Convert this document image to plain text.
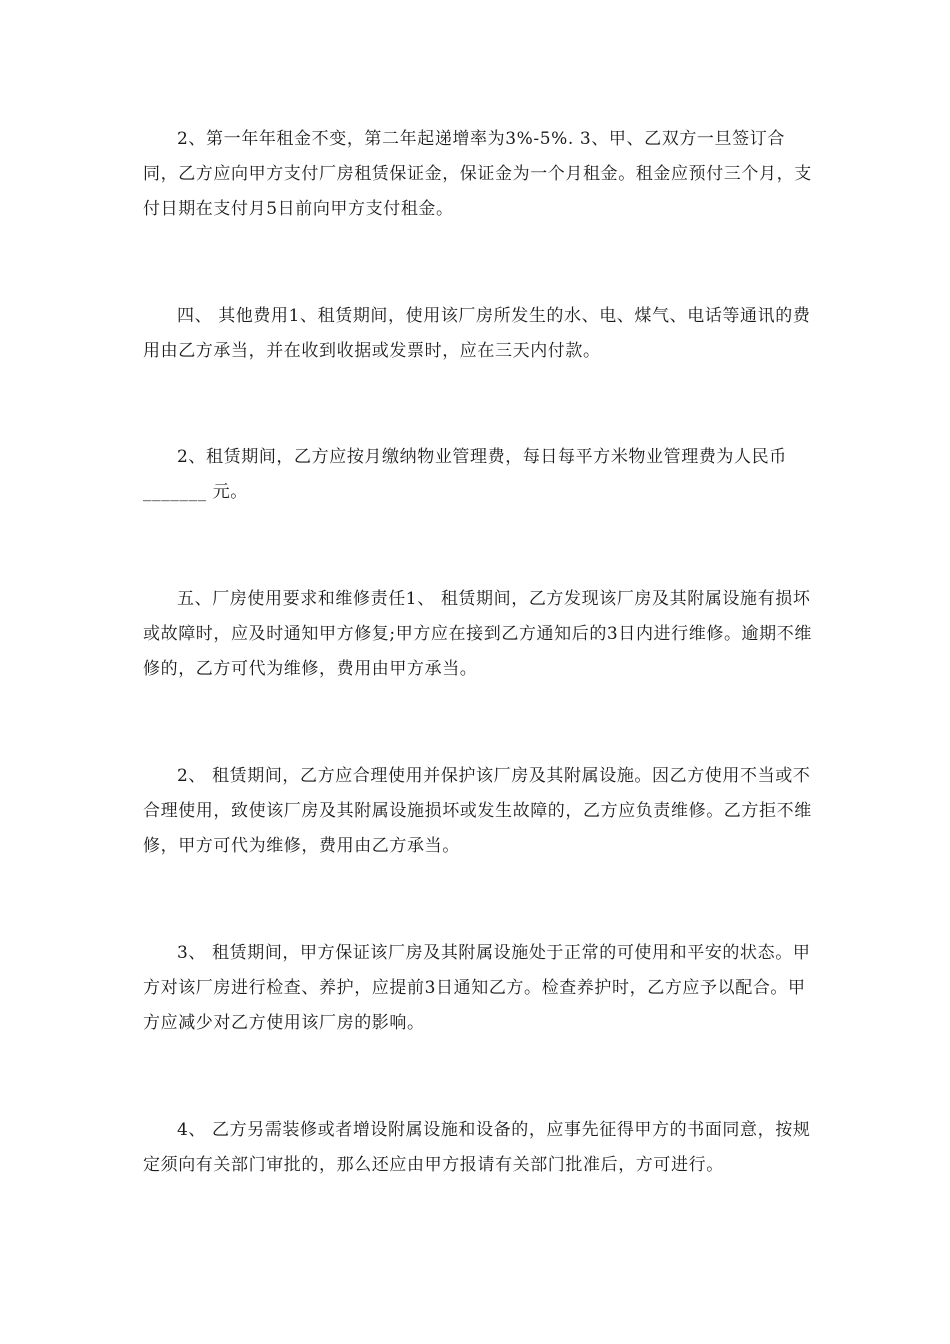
2、第一年年租金不变，第二年起递增率为3%-5%. 3、甲、乙双方一旦签订合同，乙方应向甲方支付厂房租赁保证金，保证金为一个月租金。租金应预付三个月，支付日期在支付月5日前向甲方支付租金。

四、 其他费用1、租赁期间，使用该厂房所发生的水、电、煤气、电话等通讯的费用由乙方承当，并在收到收据或发票时，应在三天内付款。

2、租赁期间，乙方应按月缴纳物业管理费，每日每平方米物业管理费为人民币 _______ 元。

五、厂房使用要求和维修责任1、 租赁期间，乙方发现该厂房及其附属设施有损坏或故障时，应及时通知甲方修复;甲方应在接到乙方通知后的3日内进行维修。逾期不维修的，乙方可代为维修，费用由甲方承当。

2、 租赁期间，乙方应合理使用并保护该厂房及其附属设施。因乙方使用不当或不合理使用，致使该厂房及其附属设施损坏或发生故障的，乙方应负责维修。乙方拒不维修，甲方可代为维修，费用由乙方承当。

3、 租赁期间，甲方保证该厂房及其附属设施处于正常的可使用和平安的状态。甲方对该厂房进行检查、养护，应提前3日通知乙方。检查养护时，乙方应予以配合。甲方应减少对乙方使用该厂房的影响。

4、 乙方另需装修或者增设附属设施和设备的，应事先征得甲方的书面同意，按规定须向有关部门审批的，那么还应由甲方报请有关部门批准后，方可进行。
